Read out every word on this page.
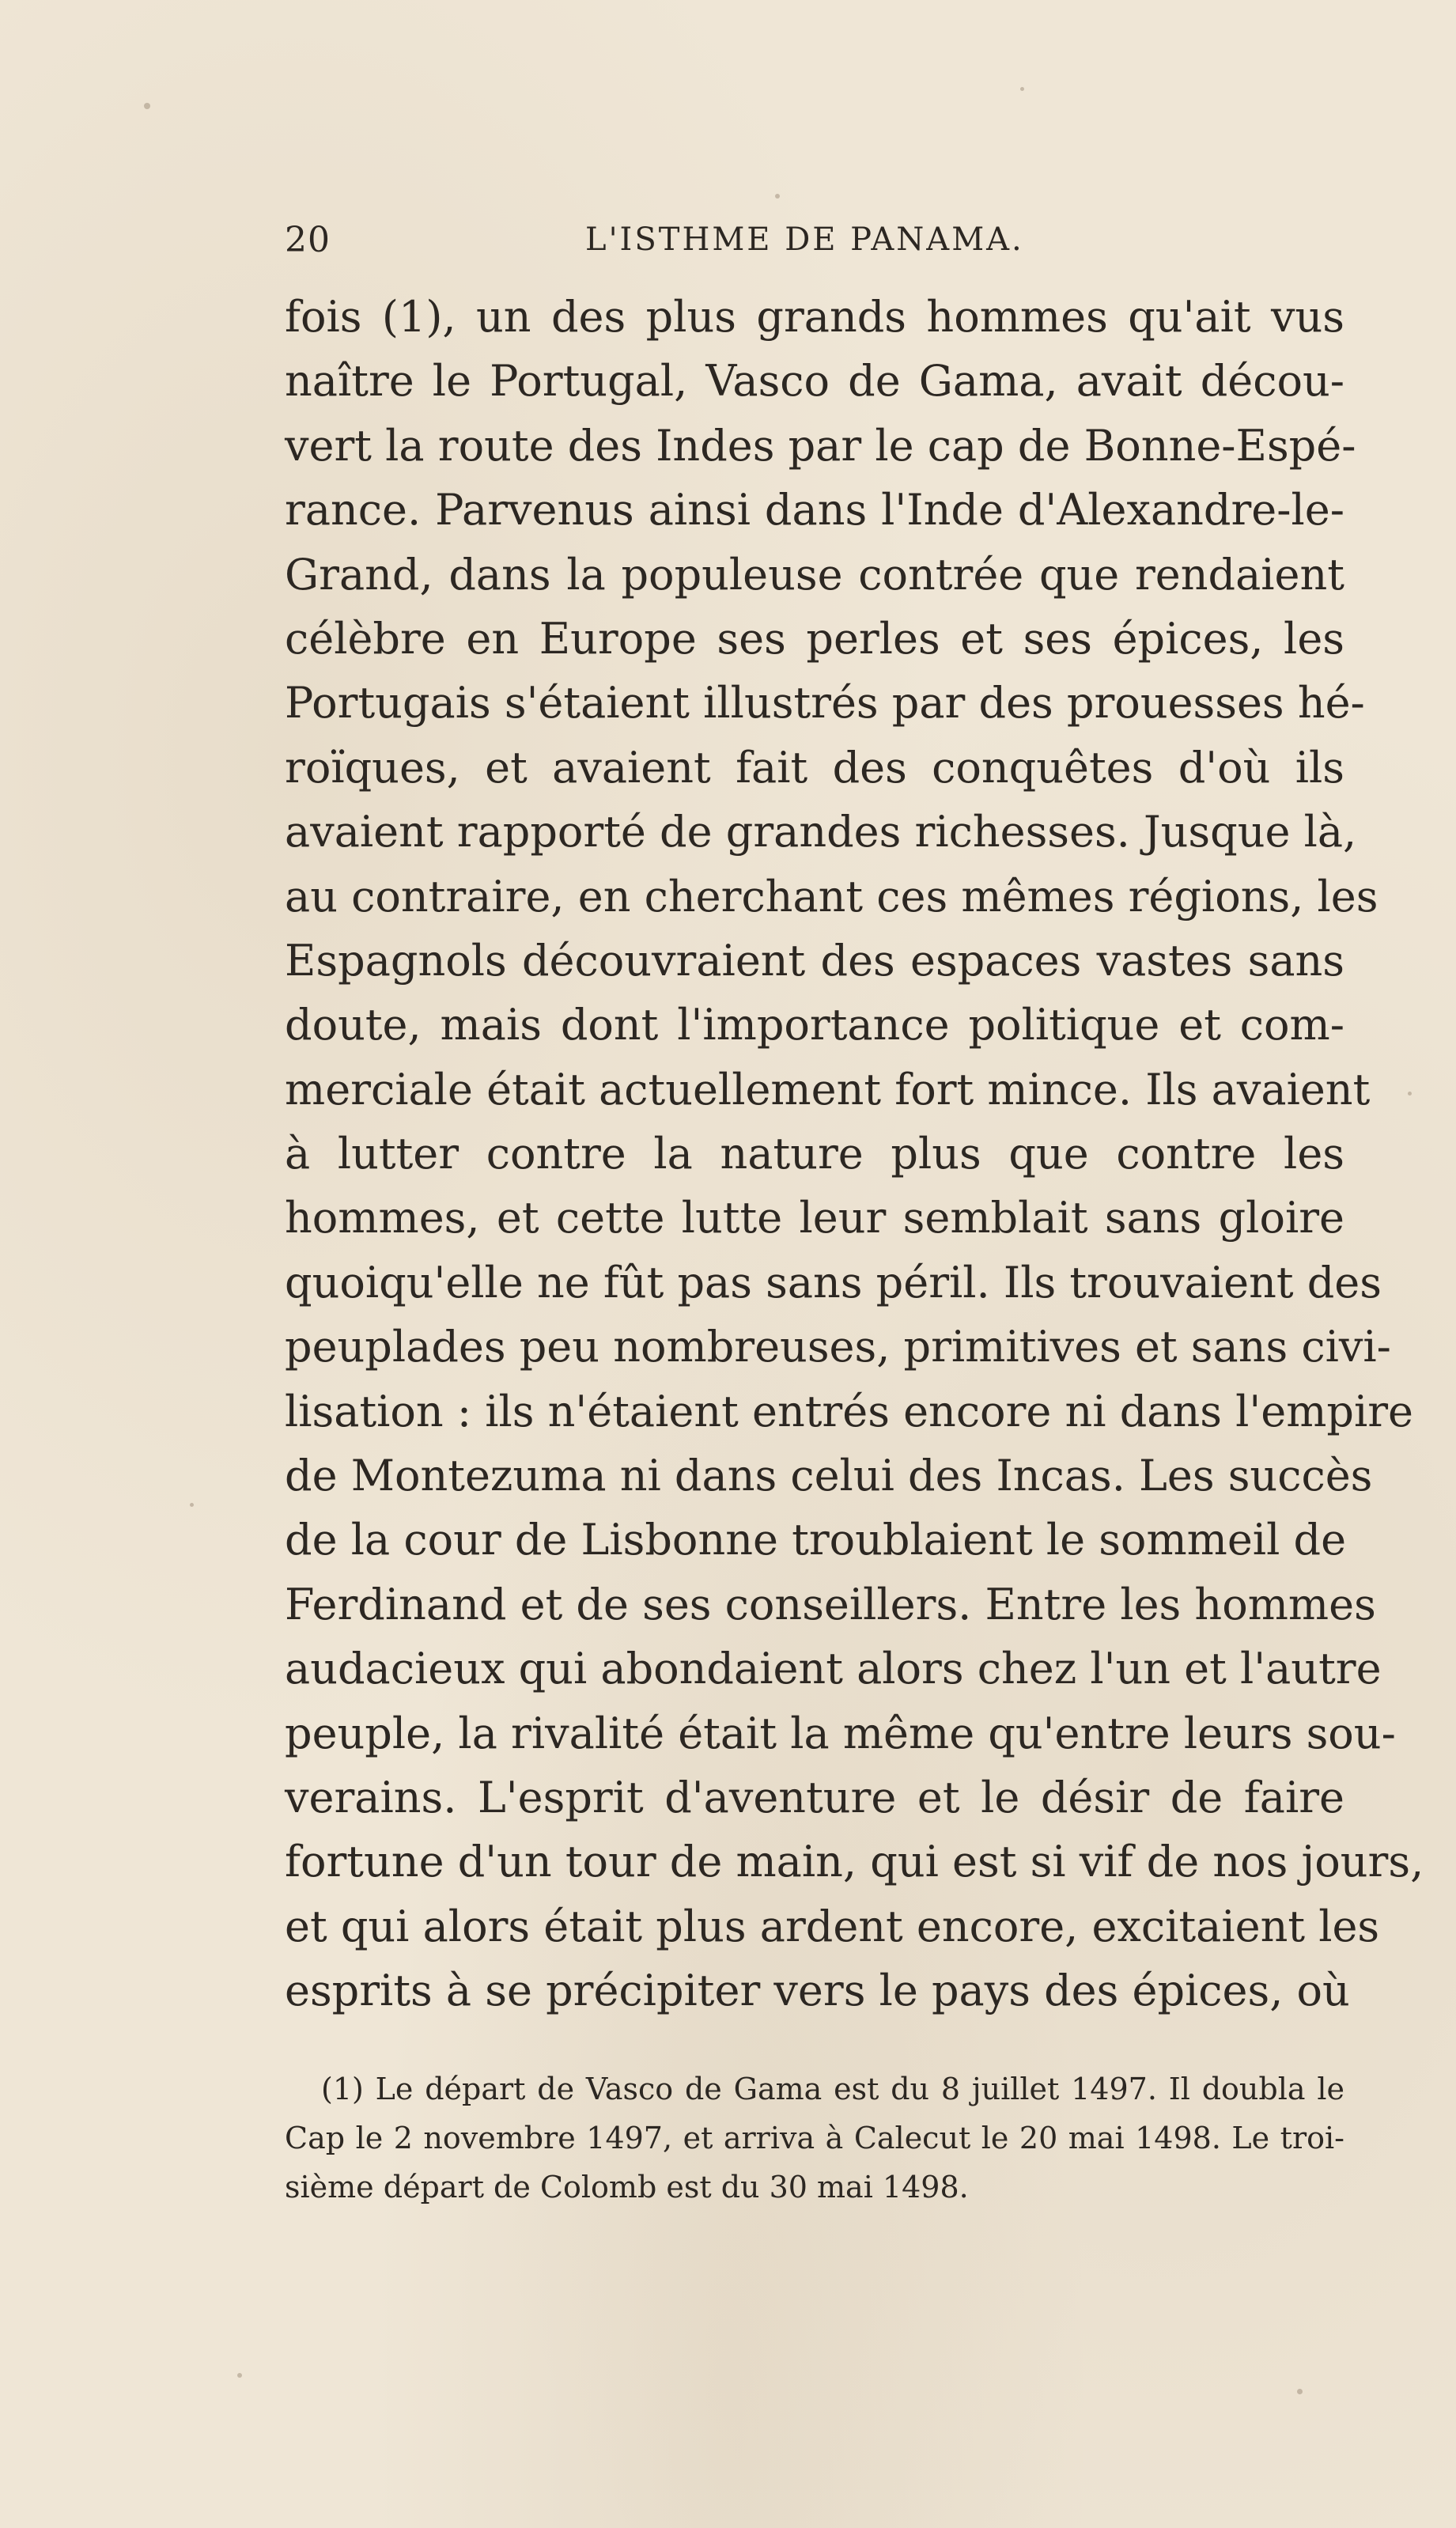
20	L'ISTHME DE PANAMA.
fois (1), un des plus grands hommes qu'ait vus
naître le Portugal, Vasco de Gama, avait décou-
vert la route des Indes par le cap de Bonne-Espé-
rance. Parvenus ainsi dans l'Inde d'Alexandre-le-
Grand, dans la populeuse contrée que rendaient
célèbre en Europe ses perles et ses épices, les
Portugais s'étaient illustrés par des prouesses hé-
roïques, et avaient fait des conquêtes d'où ils
avaient rapporté de grandes richesses. Jusque là,
au contraire, en cherchant ces mêmes régions, les
Espagnols découvraient des espaces vastes sans
doute, mais dont l'importance politique et com-
merciale était actuellement fort mince. Ils avaient
à lutter contre la nature plus que contre les
hommes, et cette lutte leur semblait sans gloire
quoiqu'elle ne fût pas sans péril. Ils trouvaient des
peuplades peu nombreuses, primitives et sans civi-
lisation : ils n'étaient entrés encore ni dans l'empire
de Montezuma ni dans celui des Incas. Les succès
de la cour de Lisbonne troublaient le sommeil de
Ferdinand et de ses conseillers. Entre les hommes
audacieux qui abondaient alors chez l'un et l'autre
peuple, la rivalité était la même qu'entre leurs sou-
verains. L'esprit d'aventure et le désir de faire
fortune d'un tour de main, qui est si vif de nos jours,
et qui alors était plus ardent encore, excitaient les
esprits à se précipiter vers le pays des épices, où
(1) Le départ de Vasco de Gama est du 8 juillet 1497. Il doubla le
Cap le 2 novembre 1497, et arriva à Calecut le 20 mai 1498. Le troi-
sième départ de Colomb est du 30 mai 1498.
